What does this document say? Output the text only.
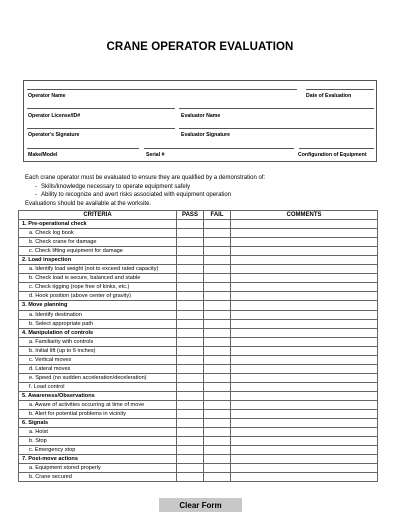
CRANE OPERATOR EVALUATION
Operator Name	Date of Evaluation
Operator License/ID#	Evaluator Name
Operator's Signature	Evaluator Signature
Make/Model	Serial #	Configuration of Equipment
Each crane operator must be evaluated to ensure they are qualified by a demonstration of:
- Skills/knowledge necessary to operate equipment safely
- Ability to recognize and avert risks associated with equipment operation
Evaluations should be available at the worksite.
CRITERIA	PASS	FAIL	COMMENTS
1. Pre-operational check			
a. Check log book			
b. Check crane for damage			
c. Check lifting equipment for damage			
2. Load inspection			
a. Identify load weight (not to exceed rated capacity)			
b. Check load is secure, balanced and stable			
c. Check rigging (rope free of kinks, etc.)			
d. Hook position (above center of gravity)			
3. Move planning			
a. Identify destination			
b. Select appropriate path			
4. Manipulation of controls			
a. Familiarity with controls			
b. Initial lift (up to 6 inches)			
c. Vertical moves			
d. Lateral moves			
e. Speed (no sudden acceleration/deceleration)			
f. Load control			
5. Awareness/Observations			
a. Aware of activities occurring at time of move			
b. Alert for potential problems in vicinity			
6. Signals			
a. Hoist			
b. Stop			
c. Emergency stop			
7. Post-move actions			
a. Equipment stored properly			
b. Crane secured			
Clear Form
